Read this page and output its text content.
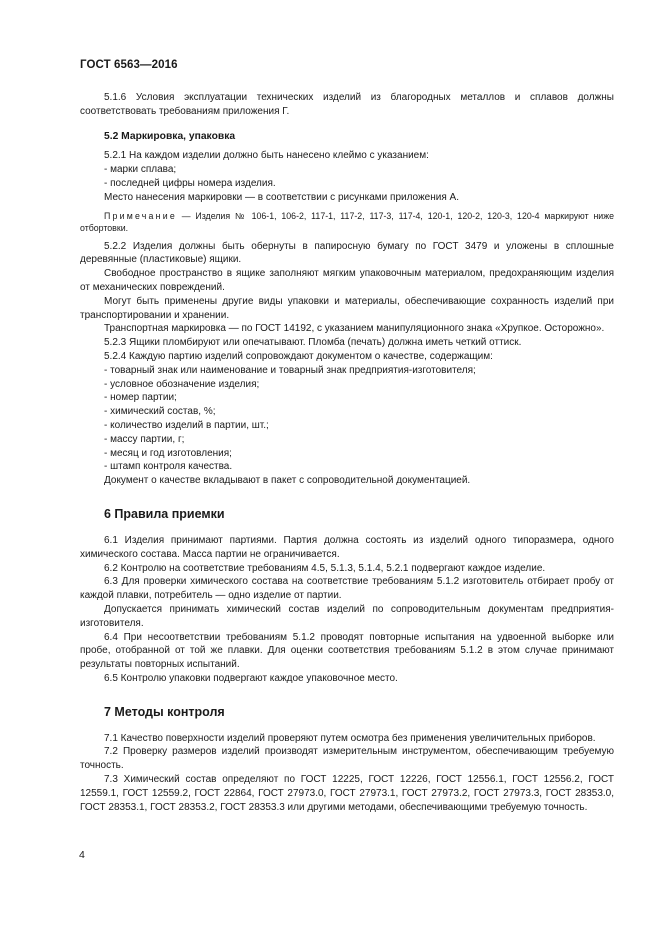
ГОСТ 6563—2016
5.1.6 Условия эксплуатации технических изделий из благородных металлов и сплавов должны соответствовать требованиям приложения Г.
5.2 Маркировка, упаковка
5.2.1 На каждом изделии должно быть нанесено клеймо с указанием:
- марки сплава;
- последней цифры номера изделия.
Место нанесения маркировки — в соответствии с рисунками приложения А.
Примечание — Изделия № 106-1, 106-2, 117-1, 117-2, 117-3, 117-4, 120-1, 120-2, 120-3, 120-4 маркируют ниже отбортовки.
5.2.2 Изделия должны быть обернуты в папиросную бумагу по ГОСТ 3479 и уложены в сплошные деревянные (пластиковые) ящики.
Свободное пространство в ящике заполняют мягким упаковочным материалом, предохраняющим изделия от механических повреждений.
Могут быть применены другие виды упаковки и материалы, обеспечивающие сохранность изделий при транспортировании и хранении.
Транспортная маркировка — по ГОСТ 14192, с указанием манипуляционного знака «Хрупкое. Осторожно».
5.2.3 Ящики пломбируют или опечатывают. Пломба (печать) должна иметь четкий оттиск.
5.2.4 Каждую партию изделий сопровождают документом о качестве, содержащим:
- товарный знак или наименование и товарный знак предприятия-изготовителя;
- условное обозначение изделия;
- номер партии;
- химический состав, %;
- количество изделий в партии, шт.;
- массу партии, г;
- месяц и год изготовления;
- штамп контроля качества.
Документ о качестве вкладывают в пакет с сопроводительной документацией.
6 Правила приемки
6.1 Изделия принимают партиями. Партия должна состоять из изделий одного типоразмера, одного химического состава. Масса партии не ограничивается.
6.2 Контролю на соответствие требованиям 4.5, 5.1.3, 5.1.4, 5.2.1 подвергают каждое изделие.
6.3 Для проверки химического состава на соответствие требованиям 5.1.2 изготовитель отбирает пробу от каждой плавки, потребитель — одно изделие от партии.
Допускается принимать химический состав изделий по сопроводительным документам предприятия-изготовителя.
6.4 При несоответствии требованиям 5.1.2 проводят повторные испытания на удвоенной выборке или пробе, отобранной от той же плавки. Для оценки соответствия требованиям 5.1.2 в этом случае принимают результаты повторных испытаний.
6.5 Контролю упаковки подвергают каждое упаковочное место.
7 Методы контроля
7.1 Качество поверхности изделий проверяют путем осмотра без применения увеличительных приборов.
7.2 Проверку размеров изделий производят измерительным инструментом, обеспечивающим требуемую точность.
7.3 Химический состав определяют по ГОСТ 12225, ГОСТ 12226, ГОСТ 12556.1, ГОСТ 12556.2, ГОСТ 12559.1, ГОСТ 12559.2, ГОСТ 22864, ГОСТ 27973.0, ГОСТ 27973.1, ГОСТ 27973.2, ГОСТ 27973.3, ГОСТ 28353.0, ГОСТ 28353.1, ГОСТ 28353.2, ГОСТ 28353.3 или другими методами, обеспечивающими требуемую точность.
4
